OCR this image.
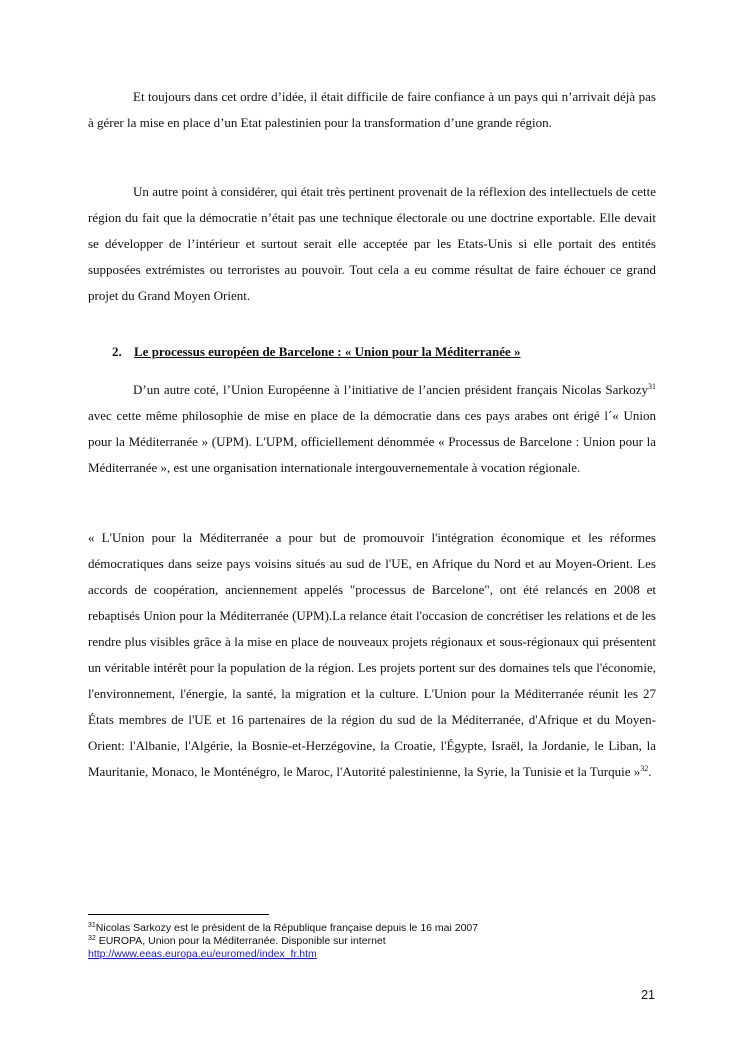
Et toujours dans cet ordre d’idée, il était difficile de faire confiance à un pays qui n’arrivait déjà pas à gérer la mise en place d’un Etat palestinien pour la transformation d’une grande région.

Un autre point à considérer, qui était très pertinent provenait de la réflexion des intellectuels de cette région du fait que la démocratie n’était pas une technique électorale ou une doctrine exportable. Elle devait se développer de l’intérieur et surtout serait elle acceptée par les Etats-Unis si elle portait des entités supposées extrémistes ou terroristes au pouvoir. Tout cela a eu comme résultat de faire échouer ce grand projet du Grand Moyen Orient.

2. Le processus européen de Barcelone : « Union pour la Méditerranée »

D’un autre coté, l’Union Européenne à l’initiative de l’ancien président français Nicolas Sarkozy$^{31}$ avec cette même philosophie de mise en place de la démocratie dans ces pays arabes ont érigé l´« Union pour la Méditerranée » (UPM). L'UPM, officiellement dénommée « Processus de Barcelone : Union pour la Méditerranée », est une organisation internationale intergouvernementale à vocation régionale.

« L'Union pour la Méditerranée a pour but de promouvoir l'intégration économique et les réformes démocratiques dans seize pays voisins situés au sud de l'UE, en Afrique du Nord et au Moyen-Orient. Les accords de coopération, anciennement appelés "processus de Barcelone", ont été relancés en 2008 et rebaptisés Union pour la Méditerranée (UPM).La relance était l'occasion de concrétiser les relations et de les rendre plus visibles grâce à la mise en place de nouveaux projets régionaux et sous-régionaux qui présentent un véritable intérêt pour la population de la région. Les projets portent sur des domaines tels que l'économie, l'environnement, l'énergie, la santé, la migration et la culture. L'Union pour la Méditerranée réunit les 27 États membres de l'UE et 16 partenaires de la région du sud de la Méditerranée, d'Afrique et du Moyen-Orient: l'Albanie, l'Algérie, la Bosnie-et-Herzégovine, la Croatie, l'Égypte, Israël, la Jordanie, le Liban, la Mauritanie, Monaco, le Monténégro, le Maroc, l'Autorité palestinienne, la Syrie, la Tunisie et la Turquie »$^{32}$.

$^{31}$Nicolas Sarkozy est le président de la République française depuis le 16 mai 2007
$^{32}$ EUROPA, Union pour la Méditerranée. Disponible sur internet
http://www.eeas.europa.eu/euromed/index_fr.htm
21
